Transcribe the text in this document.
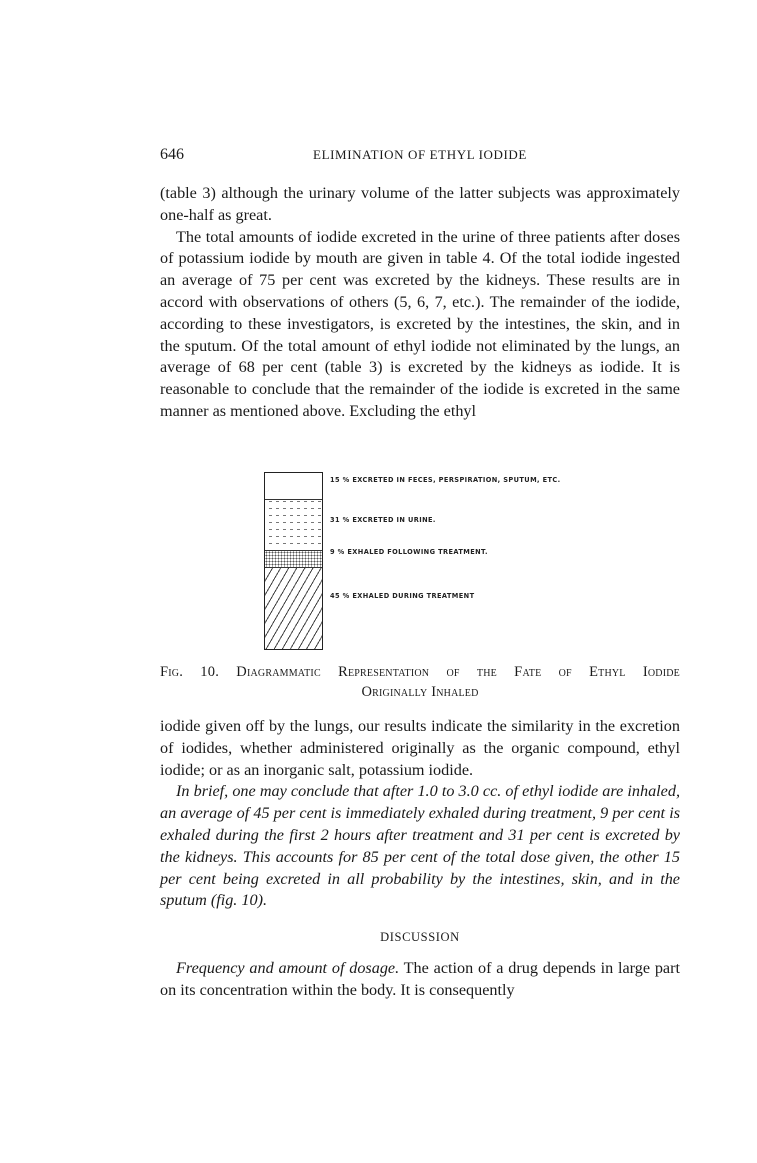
646	ELIMINATION OF ETHYL IODIDE

(table 3) although the urinary volume of the latter subjects was approximately one-half as great.

The total amounts of iodide excreted in the urine of three patients after doses of potassium iodide by mouth are given in table 4. Of the total iodide ingested an average of 75 per cent was excreted by the kidneys. These results are in accord with observations of others (5, 6, 7, etc.). The remainder of the iodide, according to these investigators, is excreted by the intestines, the skin, and in the sputum. Of the total amount of ethyl iodide not eliminated by the lungs, an average of 68 per cent (table 3) is excreted by the kidneys as iodide. It is reasonable to conclude that the remainder of the iodide is excreted in the same manner as mentioned above. Excluding the ethyl

15 % EXCRETED IN FECES, PERSPIRATION, SPUTUM, ETC.
31 % EXCRETED IN URINE.
9 % EXHALED FOLLOWING TREATMENT.
45 % EXHALED DURING TREATMENT
Fig. 10. Diagrammatic Representation of the Fate of Ethyl Iodide
Originally Inhaled

iodide given off by the lungs, our results indicate the similarity in the excretion of iodides, whether administered originally as the organic compound, ethyl iodide; or as an inorganic salt, potassium iodide.

In brief, one may conclude that after 1.0 to 3.0 cc. of ethyl iodide are inhaled, an average of 45 per cent is immediately exhaled during treatment, 9 per cent is exhaled during the first 2 hours after treatment and 31 per cent is excreted by the kidneys. This accounts for 85 per cent of the total dose given, the other 15 per cent being excreted in all probability by the intestines, skin, and in the sputum (fig. 10).

DISCUSSION

Frequency and amount of dosage. The action of a drug depends in large part on its concentration within the body. It is consequently
